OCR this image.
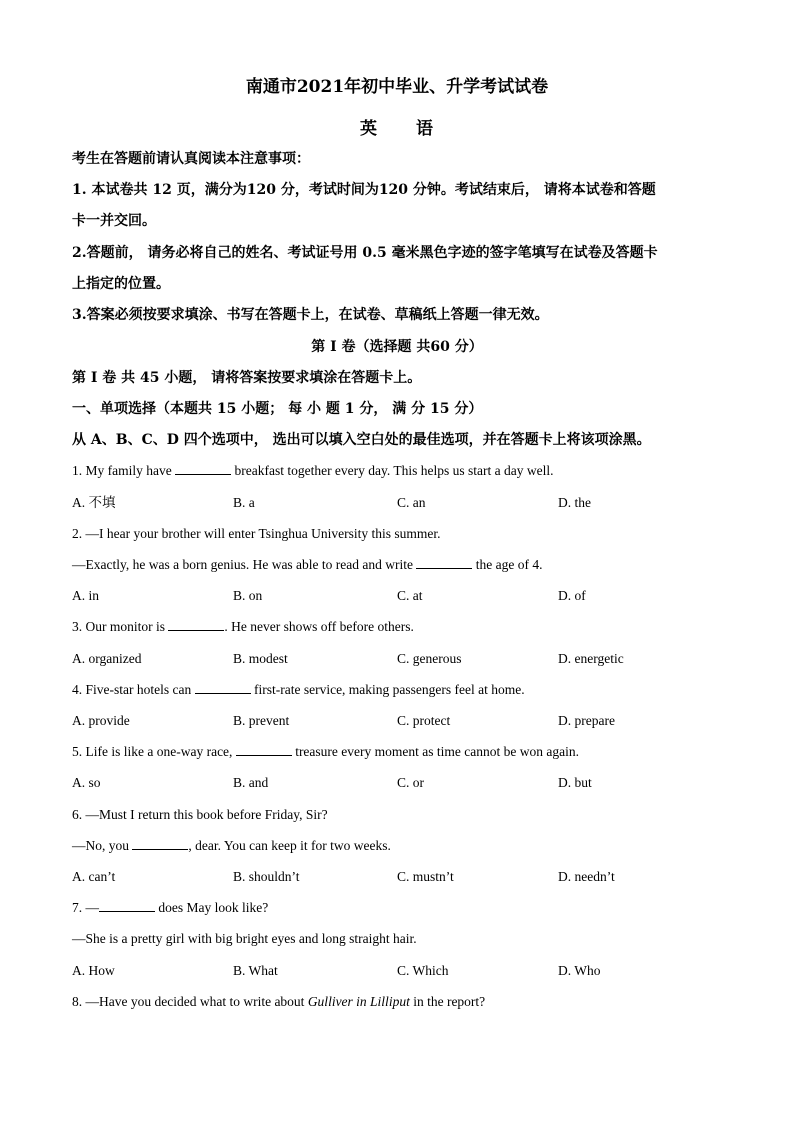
南通市2021年初中毕业、升学考试试卷
英 语
考生在答题前请认真阅读本注意事项：
1. 本试卷共 12 页，满分为120 分，考试时间为120 分钟。考试结束后， 请将本试卷和答题
卡一并交回。
2.答题前， 请务必将自己的姓名、考试证号用 0.5 毫米黑色字迹的签字笔填写在试卷及答题卡
上指定的位置。
3.答案必须按要求填涂、书写在答题卡上，在试卷、草稿纸上答题一律无效。
第 I 卷（选择题 共60 分）
第 I 卷 共 45 小题， 请将答案按要求填涂在答题卡上。
一、单项选择（本题共 15 小题； 每 小 题 1 分， 满 分 15 分）
从 A、B、C、D 四个选项中， 选出可以填入空白处的最佳选项，并在答题卡上将该项涂黑。
1. My family have	breakfast together every day. This helps us start a day well.
A. 不填	B. a	C. an	D. the
2. —I hear your brother will enter Tsinghua University this summer.
—Exactly, he was a born genius. He was able to read and write	the age of 4.
A. in	B. on	C. at	D. of
3. Our monitor is	. He never shows off before others.
A. organized	B. modest	C. generous	D. energetic
4. Five-star hotels can	first-rate service, making passengers feel at home.
A. provide	B. prevent	C. protect	D. prepare
5. Life is like a one-way race,	treasure every moment as time cannot be won again.
A. so	B. and	C. or	D. but
6. —Must I return this book before Friday, Sir?
—No, you	, dear. You can keep it for two weeks.
A. can’t	B. shouldn’t	C. mustn’t	D. needn’t
7. —	does May look like?
—She is a pretty girl with big bright eyes and long straight hair.
A. How	B. What	C. Which	D. Who
8. —Have you decided what to write about Gulliver in Lilliput in the report?
